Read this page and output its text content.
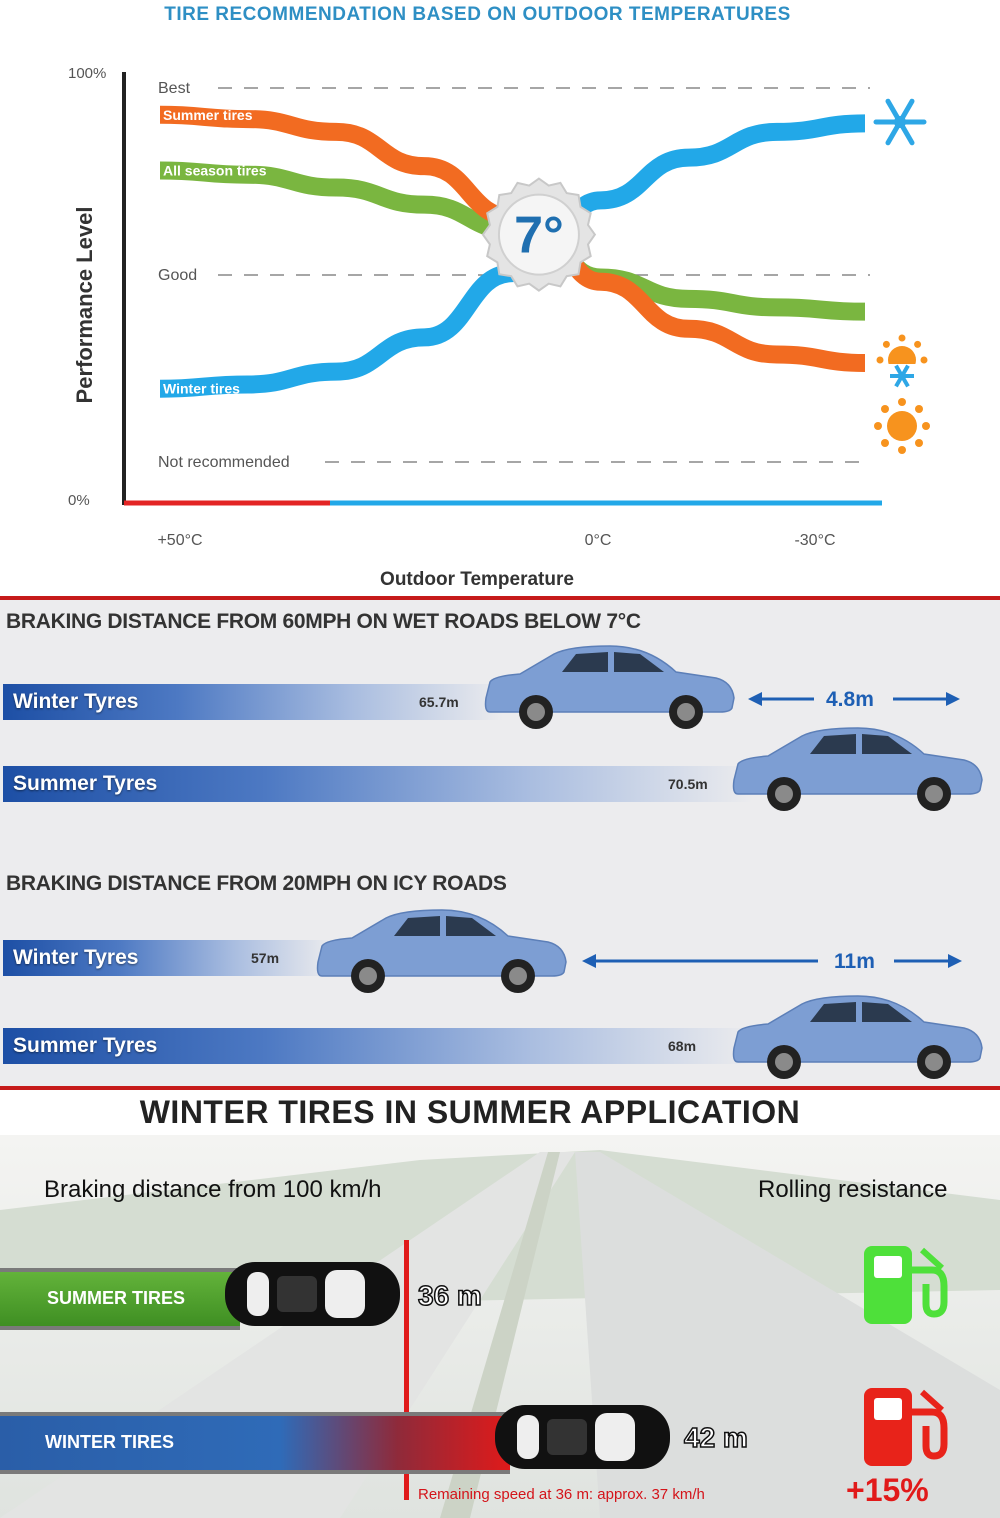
TIRE RECOMMENDATION BASED ON OUTDOOR TEMPERATURES
100%
0%
Best
Good
Not recommended
+50°C	0°C	-30°C
Outdoor Temperature
Performance Level
Summer tires
All season tires
Winter tires
7°
BRAKING DISTANCE FROM 60MPH ON WET ROADS BELOW 7°C
Winter Tyres	65.7m
Summer Tyres	70.5m
4.8m
BRAKING DISTANCE FROM 20MPH ON ICY ROADS
Winter Tyres	57m
Summer Tyres	68m
11m
WINTER TIRES IN SUMMER APPLICATION
Braking distance from 100 km/h	Rolling resistance
SUMMER TIRES	36 m
WINTER TIRES	42 m
Remaining speed at 36 m: approx. 37 km/h	+15%
